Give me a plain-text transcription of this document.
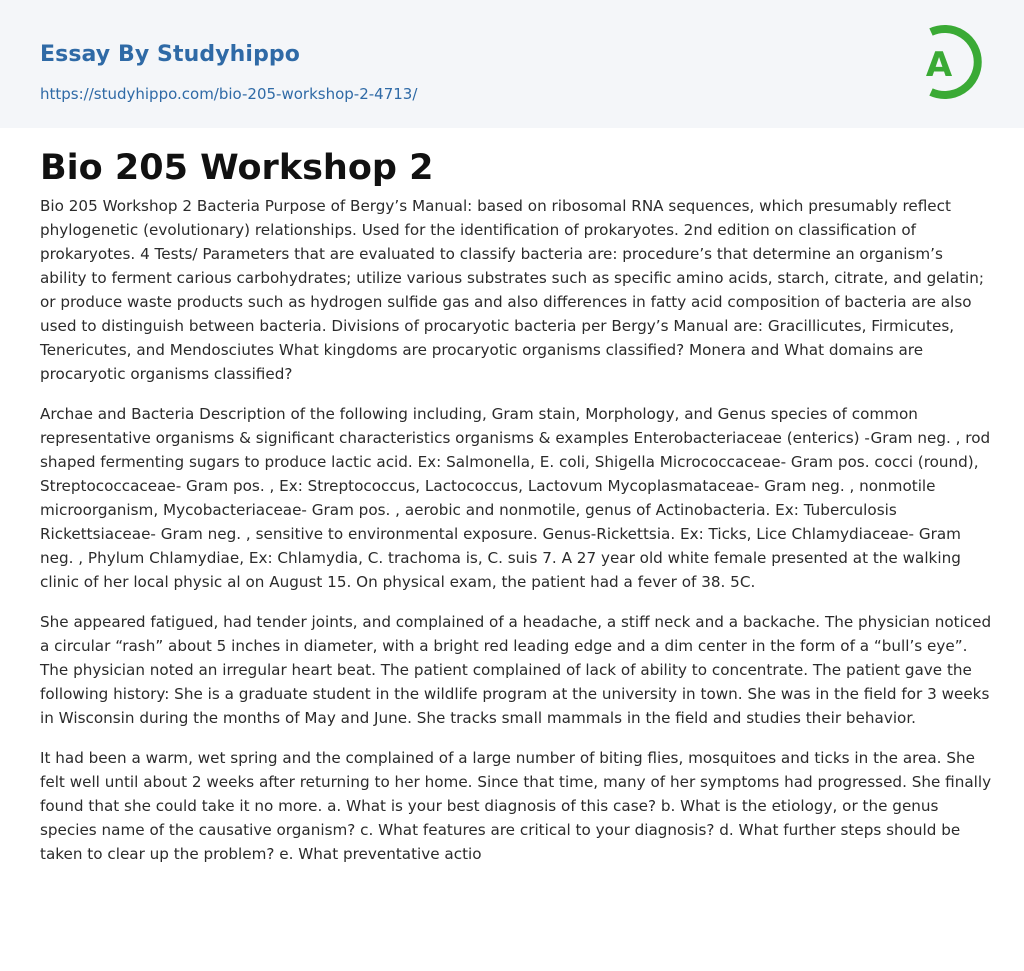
Essay By Studyhippo
https://studyhippo.com/bio-205-workshop-2-4713/
A
Bio 205 Workshop 2

Bio 205 Workshop 2 Bacteria Purpose of Bergy’s Manual: based on ribosomal RNA sequences, which presumably reflect phylogenetic (evolutionary) relationships. Used for the identification of prokaryotes. 2nd edition on classification of prokaryotes. 4 Tests/ Parameters that are evaluated to classify bacteria are: procedure’s that determine an organism’s ability to ferment carious carbohydrates; utilize various substrates such as specific amino acids, starch, citrate, and gelatin; or produce waste products such as hydrogen sulfide gas and also differences in fatty acid composition of bacteria are also used to distinguish between bacteria. Divisions of procaryotic bacteria per Bergy’s Manual are: Gracillicutes, Firmicutes, Tenericutes, and Mendosciutes What kingdoms are procaryotic organisms classified? Monera and What domains are procaryotic organisms classified?

Archae and Bacteria Description of the following including, Gram stain, Morphology, and Genus species of common representative organisms & significant characteristics organisms & examples Enterobacteriaceae (enterics) -Gram neg. , rod shaped fermenting sugars to produce lactic acid. Ex: Salmonella, E. coli, Shigella Micrococcaceae- Gram pos. cocci (round), Streptococcaceae- Gram pos. , Ex: Streptococcus, Lactococcus, Lactovum Mycoplasmataceae- Gram neg. , nonmotile microorganism, Mycobacteriaceae- Gram pos. , aerobic and nonmotile, genus of Actinobacteria. Ex: Tuberculosis Rickettsiaceae- Gram neg. , sensitive to environmental exposure. Genus-Rickettsia. Ex: Ticks, Lice Chlamydiaceae- Gram neg. , Phylum Chlamydiae, Ex: Chlamydia, C. trachoma is, C. suis 7. A 27 year old white female presented at the walking clinic of her local physic al on August 15. On physical exam, the patient had a fever of 38. 5C.

She appeared fatigued, had tender joints, and complained of a headache, a stiff neck and a backache. The physician noticed a circular “rash” about 5 inches in diameter, with a bright red leading edge and a dim center in the form of a “bull’s eye”. The physician noted an irregular heart beat. The patient complained of lack of ability to concentrate. The patient gave the following history: She is a graduate student in the wildlife program at the university in town. She was in the field for 3 weeks in Wisconsin during the months of May and June. She tracks small mammals in the field and studies their behavior.

It had been a warm, wet spring and the complained of a large number of biting flies, mosquitoes and ticks in the area. She felt well until about 2 weeks after returning to her home. Since that time, many of her symptoms had progressed. She finally found that she could take it no more. a. What is your best diagnosis of this case? b. What is the etiology, or the genus species name of the causative organism? c. What features are critical to your diagnosis? d. What further steps should be taken to clear up the problem? e. What preventative actio
